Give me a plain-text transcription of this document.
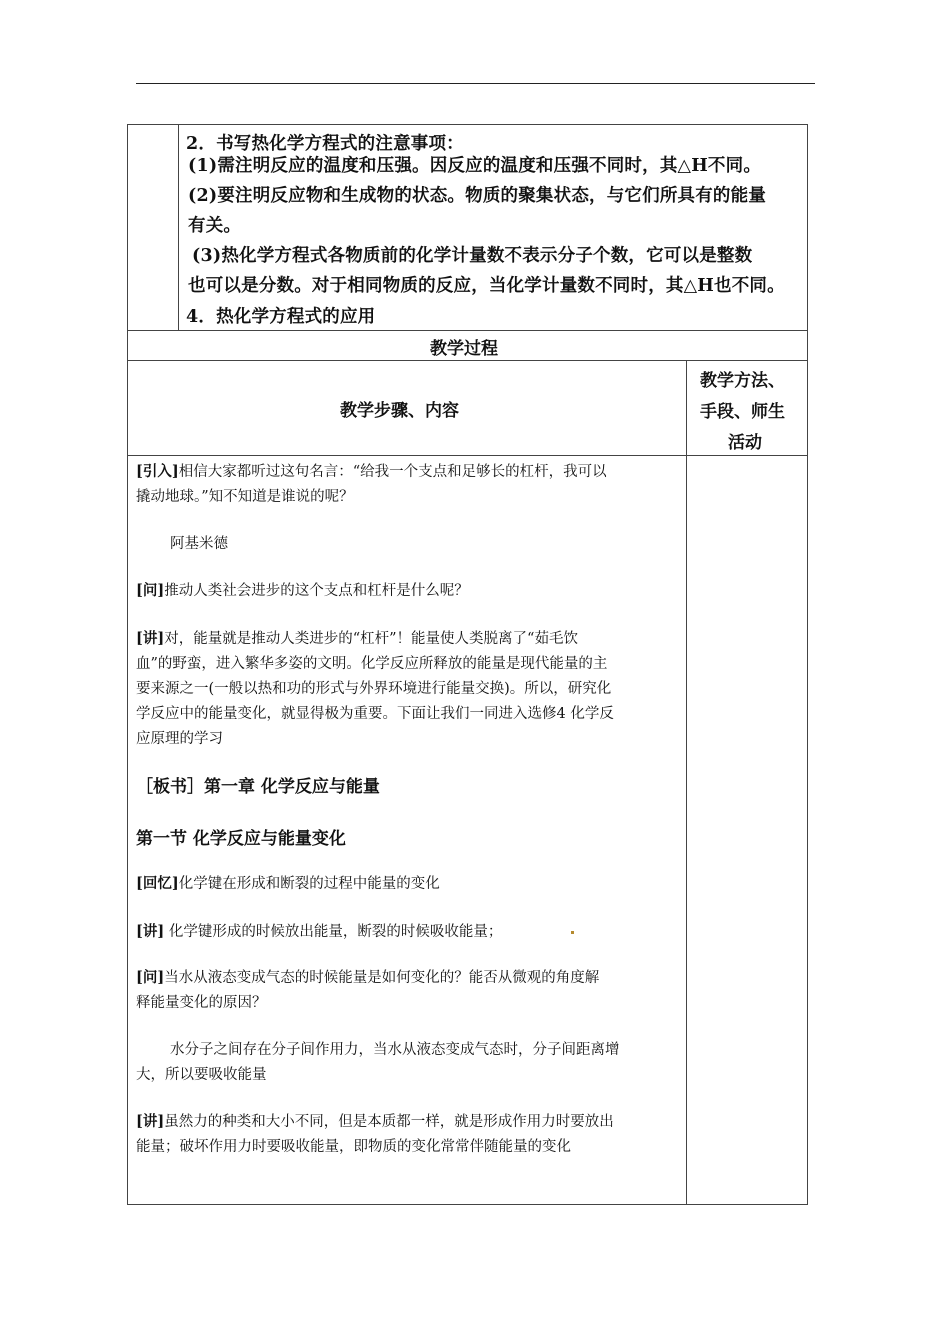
2．书写热化学方程式的注意事项：
(1)需注明反应的温度和压强。因反应的温度和压强不同时，其△H不同。
(2)要注明反应物和生成物的状态。物质的聚集状态，与它们所具有的能量
有关。
(3)热化学方程式各物质前的化学计量数不表示分子个数，它可以是整数
也可以是分数。对于相同物质的反应，当化学计量数不同时，其△H也不同。
4．热化学方程式的应用
教学过程
教学步骤、内容
教学方法、
手段、师生
活动
[引入]相信大家都听过这句名言：“给我一个支点和足够长的杠杆，我可以
撬动地球。”知不知道是谁说的呢？
阿基米德
[问]推动人类社会进步的这个支点和杠杆是什么呢？
[讲]对，能量就是推动人类进步的“杠杆”！能量使人类脱离了“茹毛饮
血”的野蛮，进入繁华多姿的文明。化学反应所释放的能量是现代能量的主
要来源之一(一般以热和功的形式与外界环境进行能量交换)。所以，研究化
学反应中的能量变化，就显得极为重要。下面让我们一同进入选修4 化学反
应原理的学习
［板书］第一章 化学反应与能量
第一节 化学反应与能量变化
[回忆]化学键在形成和断裂的过程中能量的变化
[讲] 化学键形成的时候放出能量，断裂的时候吸收能量；
[问]当水从液态变成气态的时候能量是如何变化的？能否从微观的角度解
释能量变化的原因？
水分子之间存在分子间作用力，当水从液态变成气态时，分子间距离增
大，所以要吸收能量
[讲]虽然力的种类和大小不同，但是本质都一样，就是形成作用力时要放出
能量；破坏作用力时要吸收能量，即物质的变化常常伴随能量的变化
